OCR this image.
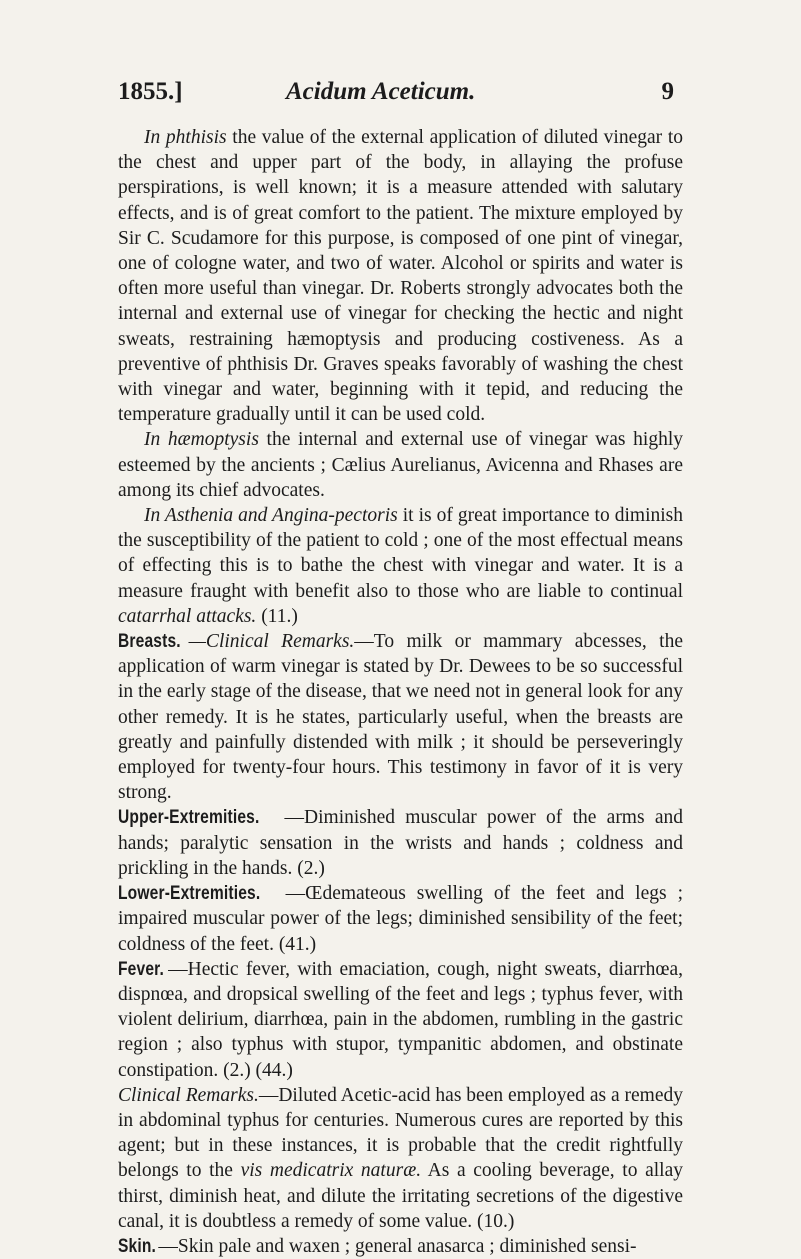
1855.]	Acidum Aceticum.	9

In phthisis the value of the external application of diluted vinegar to the chest and upper part of the body, in allaying the profuse perspirations, is well known; it is a measure attended with salutary effects, and is of great comfort to the patient. The mixture employed by Sir C. Scudamore for this purpose, is composed of one pint of vinegar, one of cologne water, and two of water. Alcohol or spirits and water is often more useful than vinegar. Dr. Roberts strongly advocates both the internal and external use of vinegar for checking the hectic and night sweats, restraining hæmoptysis and producing costiveness. As a preventive of phthisis Dr. Graves speaks favorably of washing the chest with vinegar and water, beginning with it tepid, and reducing the temperature gradually until it can be used cold.

In hæmoptysis the internal and external use of vinegar was highly esteemed by the ancients ; Cælius Aurelianus, Avicenna and Rhases are among its chief advocates.

In Asthenia and Angina-pectoris it is of great importance to diminish the susceptibility of the patient to cold ; one of the most effectual means of effecting this is to bathe the chest with vinegar and water. It is a measure fraught with benefit also to those who are liable to continual catarrhal attacks. (11.)

Breasts. —Clinical Remarks.—To milk or mammary abcesses, the application of warm vinegar is stated by Dr. Dewees to be so successful in the early stage of the disease, that we need not in general look for any other remedy. It is he states, particularly useful, when the breasts are greatly and painfully distended with milk ; it should be perseveringly employed for twenty-four hours. This testimony in favor of it is very strong.

Upper-Extremities. —Diminished muscular power of the arms and hands; paralytic sensation in the wrists and hands ; coldness and prickling in the hands. (2.)

Lower-Extremities. —Œdemateous swelling of the feet and legs ; impaired muscular power of the legs; diminished sensibility of the feet; coldness of the feet. (41.)

Fever. —Hectic fever, with emaciation, cough, night sweats, diarrhœa, dispnœa, and dropsical swelling of the feet and legs ; typhus fever, with violent delirium, diarrhœa, pain in the abdomen, rumbling in the gastric region ; also typhus with stupor, tympanitic abdomen, and obstinate constipation. (2.) (44.)

Clinical Remarks.—Diluted Acetic-acid has been employed as a remedy in abdominal typhus for centuries. Numerous cures are reported by this agent; but in these instances, it is probable that the credit rightfully belongs to the vis medicatrix naturæ. As a cooling beverage, to allay thirst, diminish heat, and dilute the irritating secretions of the digestive canal, it is doubtless a remedy of some value. (10.)

Skin. —Skin pale and waxen ; general anasarca ; diminished sensi-
